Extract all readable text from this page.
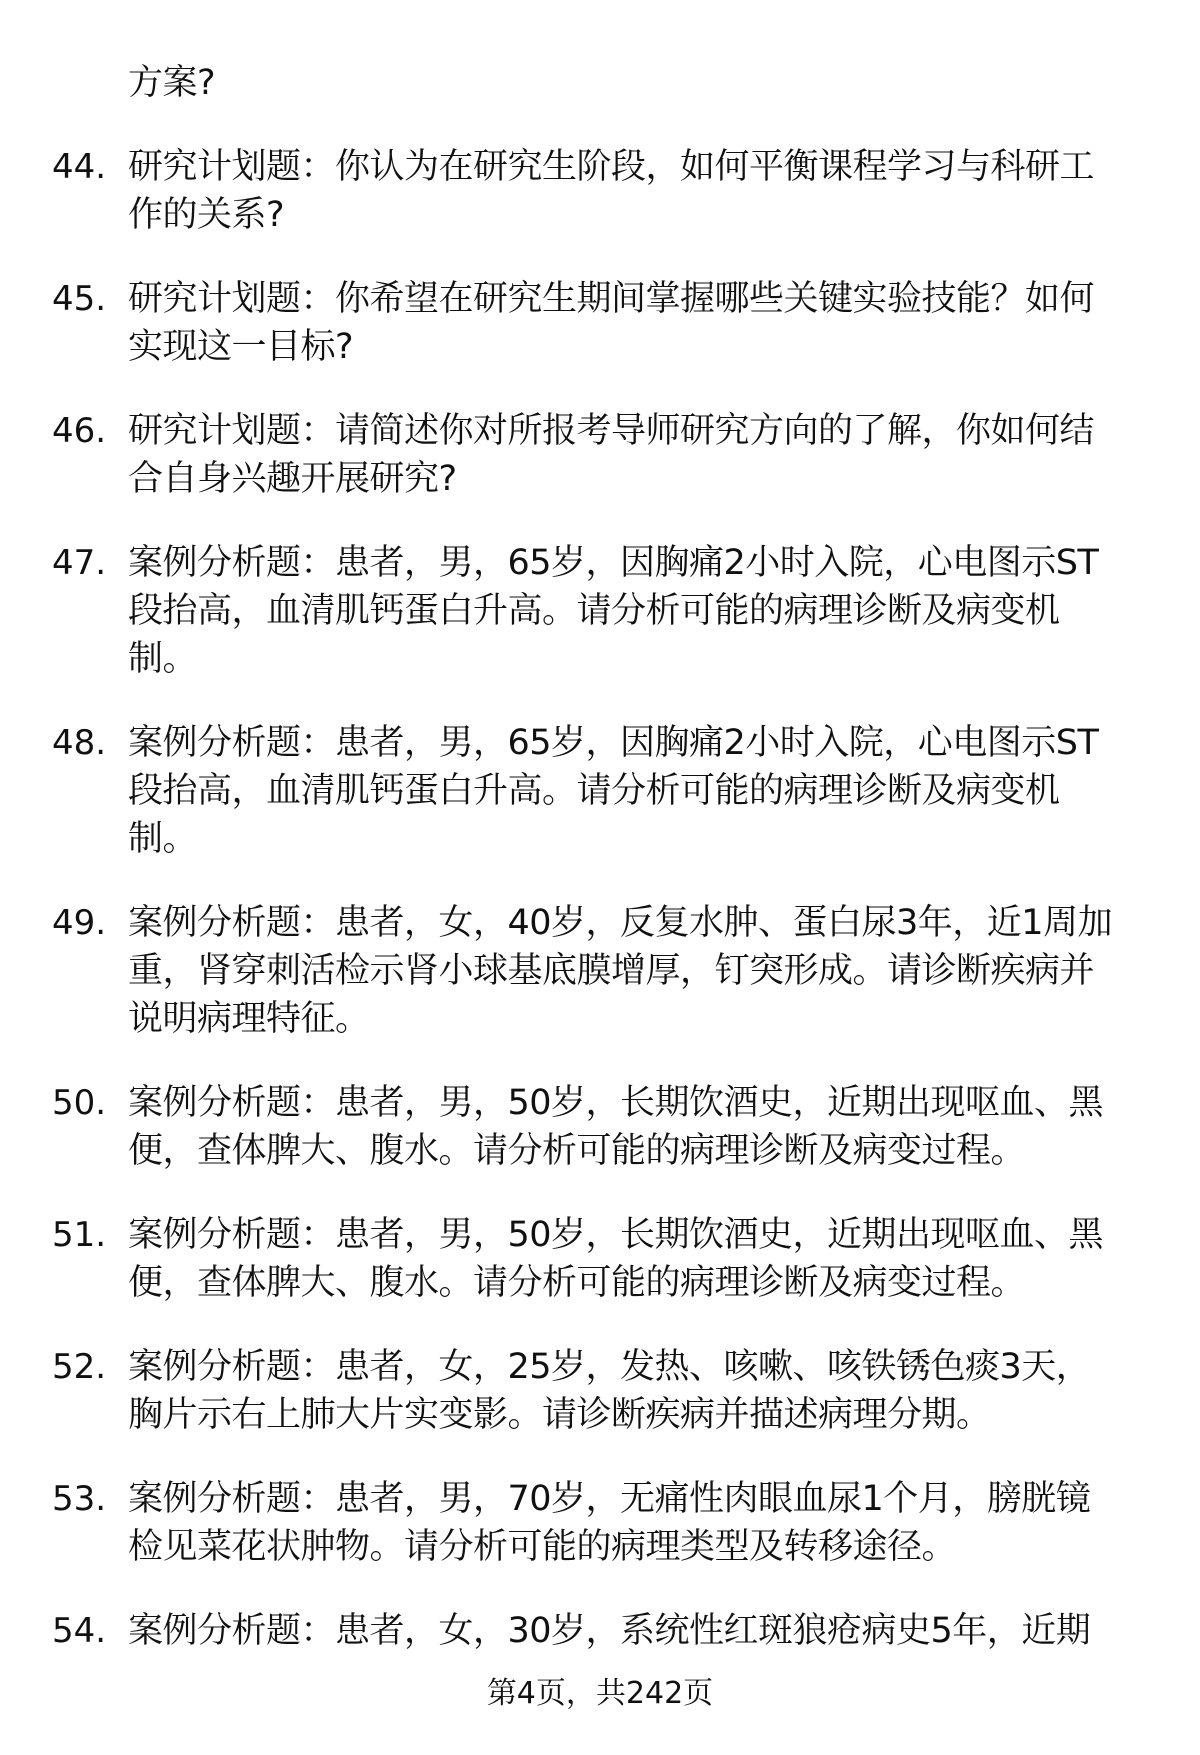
方案?
44. 研究计划题：你认为在研究生阶段，如何平衡课程学习与科研工
作的关系?
45. 研究计划题：你希望在研究生期间掌握哪些关键实验技能？如何
实现这一目标?
46. 研究计划题：请简述你对所报考导师研究方向的了解，你如何结
合自身兴趣开展研究?
47. 案例分析题：患者，男，65岁，因胸痛2小时入院，心电图示ST
段抬高，血清肌钙蛋白升高。请分析可能的病理诊断及病变机
制。
48. 案例分析题：患者，男，65岁，因胸痛2小时入院，心电图示ST
段抬高，血清肌钙蛋白升高。请分析可能的病理诊断及病变机
制。
49. 案例分析题：患者，女，40岁，反复水肿、蛋白尿3年，近1周加
重，肾穿刺活检示肾小球基底膜增厚，钉突形成。请诊断疾病并
说明病理特征。
50. 案例分析题：患者，男，50岁，长期饮酒史，近期出现呕血、黑
便，查体脾大、腹水。请分析可能的病理诊断及病变过程。
51. 案例分析题：患者，男，50岁，长期饮酒史，近期出现呕血、黑
便，查体脾大、腹水。请分析可能的病理诊断及病变过程。
52. 案例分析题：患者，女，25岁，发热、咳嗽、咳铁锈色痰3天，
胸片示右上肺大片实变影。请诊断疾病并描述病理分期。
53. 案例分析题：患者，男，70岁，无痛性肉眼血尿1个月，膀胱镜
检见菜花状肿物。请分析可能的病理类型及转移途径。
54. 案例分析题：患者，女，30岁，系统性红斑狼疮病史5年，近期
第4页，共242页
